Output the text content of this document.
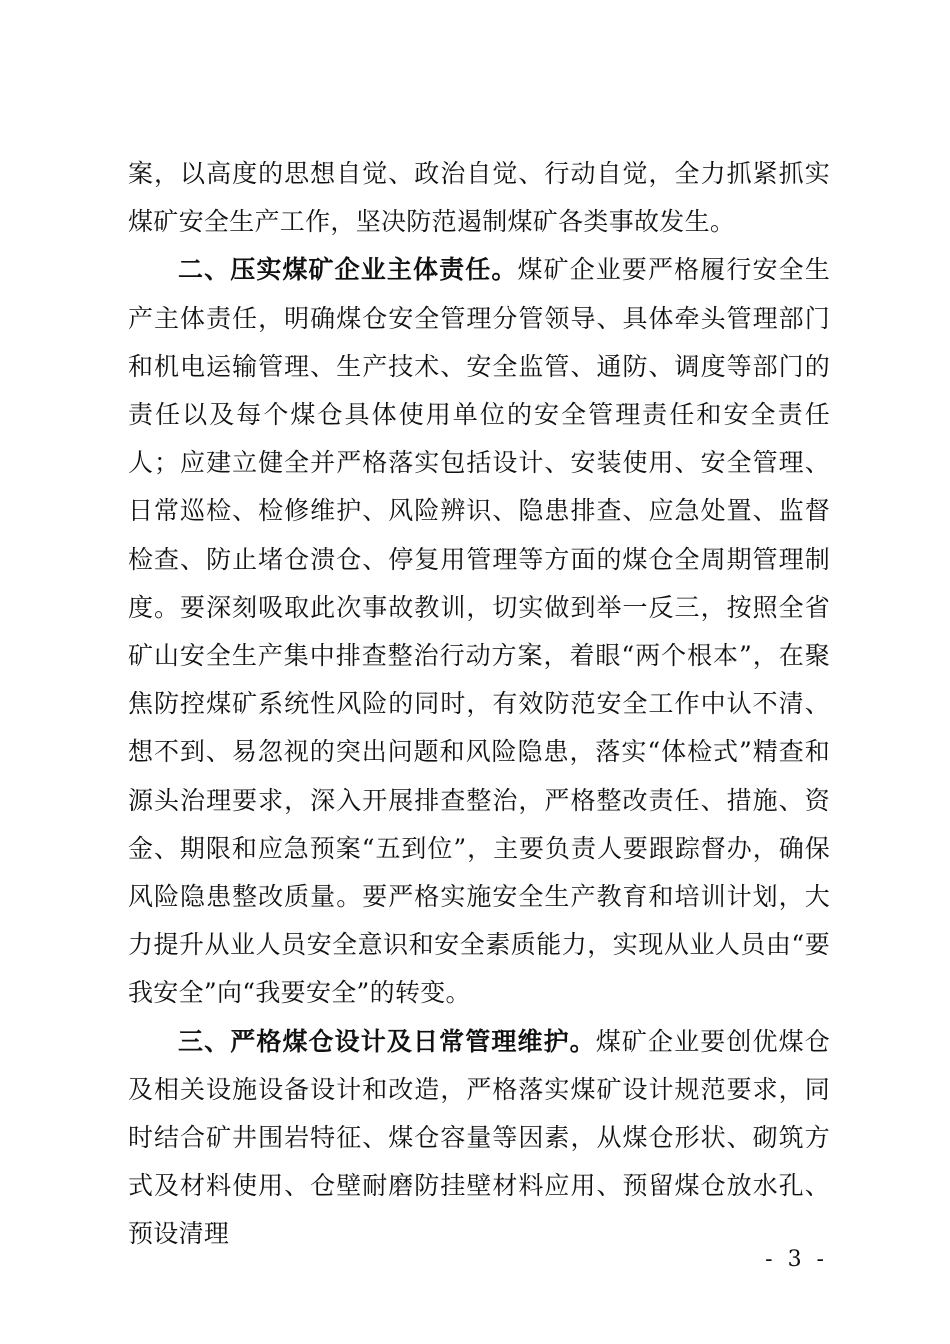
案，以高度的思想自觉、政治自觉、行动自觉，全力抓紧抓实煤矿安全生产工作，坚决防范遏制煤矿各类事故发生。

二、压实煤矿企业主体责任。煤矿企业要严格履行安全生产主体责任，明确煤仓安全管理分管领导、具体牵头管理部门和机电运输管理、生产技术、安全监管、通防、调度等部门的责任以及每个煤仓具体使用单位的安全管理责任和安全责任人；应建立健全并严格落实包括设计、安装使用、安全管理、日常巡检、检修维护、风险辨识、隐患排查、应急处置、监督检查、防止堵仓溃仓、停复用管理等方面的煤仓全周期管理制度。要深刻吸取此次事故教训，切实做到举一反三，按照全省矿山安全生产集中排查整治行动方案，着眼“两个根本”，在聚焦防控煤矿系统性风险的同时，有效防范安全工作中认不清、想不到、易忽视的突出问题和风险隐患，落实“体检式”精查和源头治理要求，深入开展排查整治，严格整改责任、措施、资金、期限和应急预案“五到位”，主要负责人要跟踪督办，确保风险隐患整改质量。要严格实施安全生产教育和培训计划，大力提升从业人员安全意识和安全素质能力，实现从业人员由“要我安全”向“我要安全”的转变。

三、严格煤仓设计及日常管理维护。煤矿企业要创优煤仓及相关设施设备设计和改造，严格落实煤矿设计规范要求，同时结合矿井围岩特征、煤仓容量等因素，从煤仓形状、砌筑方式及材料使用、仓壁耐磨防挂壁材料应用、预留煤仓放水孔、预设清理

- 3 -
